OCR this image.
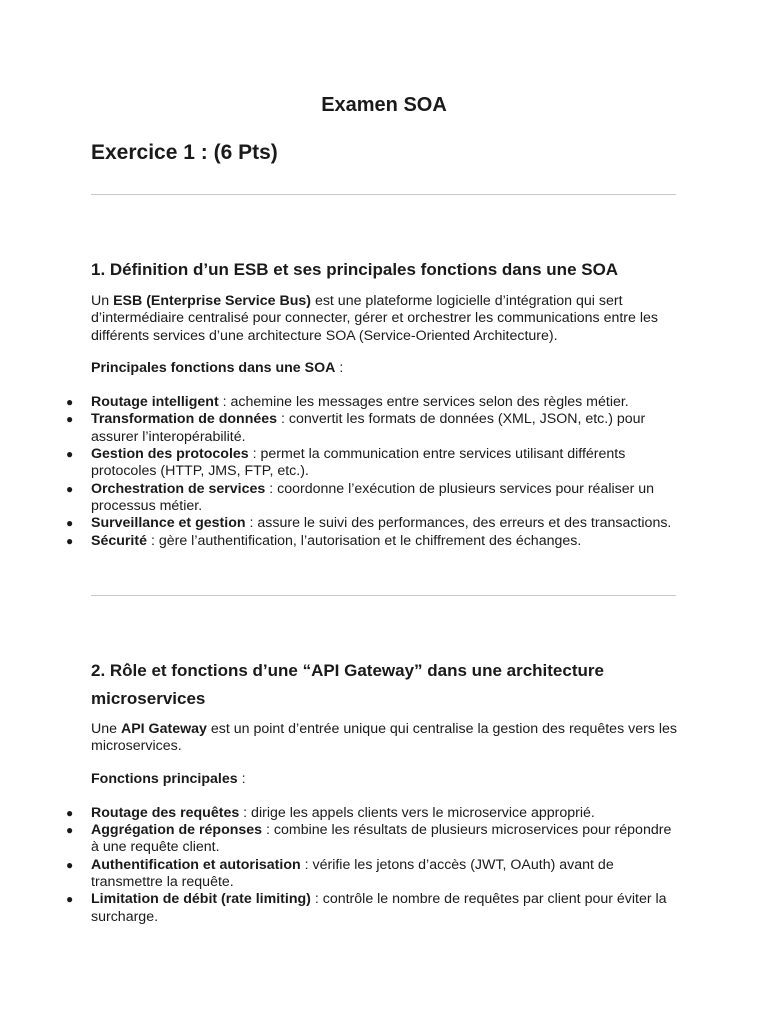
Examen SOA
Exercice 1 : (6 Pts)
1. Définition d’un ESB et ses principales fonctions dans une SOA

Un ESB (Enterprise Service Bus) est une plateforme logicielle d’intégration qui sert d’intermédiaire centralisé pour connecter, gérer et orchestrer les communications entre les différents services d’une architecture SOA (Service-Oriented Architecture).

Principales fonctions dans une SOA :

● Routage intelligent : achemine les messages entre services selon des règles métier.
● Transformation de données : convertit les formats de données (XML, JSON, etc.) pour assurer l’interopérabilité.
● Gestion des protocoles : permet la communication entre services utilisant différents protocoles (HTTP, JMS, FTP, etc.).
● Orchestration de services : coordonne l’exécution de plusieurs services pour réaliser un processus métier.
● Surveillance et gestion : assure le suivi des performances, des erreurs et des transactions.
● Sécurité : gère l’authentification, l’autorisation et le chiffrement des échanges.
2. Rôle et fonctions d’une “API Gateway” dans une architecture microservices

Une API Gateway est un point d’entrée unique qui centralise la gestion des requêtes vers les microservices.

Fonctions principales :

● Routage des requêtes : dirige les appels clients vers le microservice approprié.
● Aggrégation de réponses : combine les résultats de plusieurs microservices pour répondre à une requête client.
● Authentification et autorisation : vérifie les jetons d’accès (JWT, OAuth) avant de transmettre la requête.
● Limitation de débit (rate limiting) : contrôle le nombre de requêtes par client pour éviter la surcharge.
